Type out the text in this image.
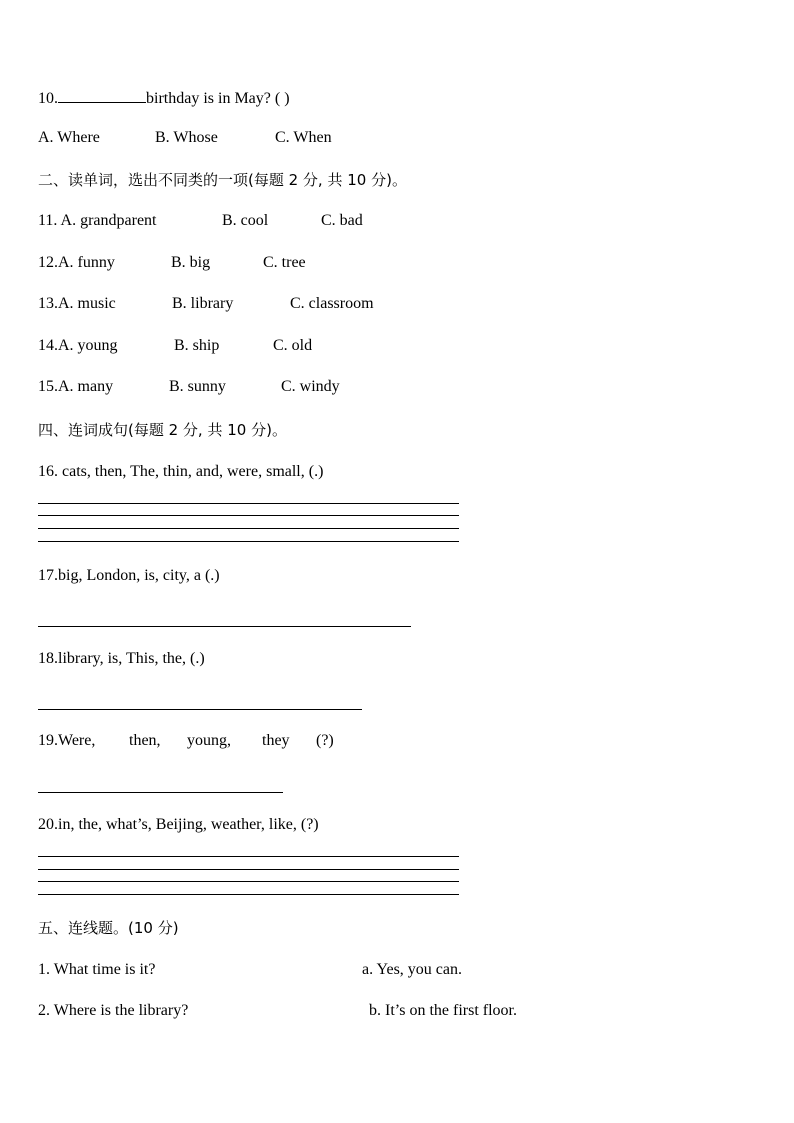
10.	birthday is in May? ( )
A. Where	B. Whose	C. When
二、读单词，选出不同类的一项(每题 2 分, 共 10 分)。
11. A. grandparent	B. cool	C. bad
12.A. funny	B. big	C. tree
13.A. music	B. library	C. classroom
14.A. young	B. ship	C. old
15.A. many	B. sunny	C. windy
四、连词成句(每题 2 分, 共 10 分)。
16. cats, then, The, thin, and, were, small, (.)
17.big, London, is, city, a (.)
18.library, is, This, the, (.)
19.Were, then, young, they (?)
20.in, the, what’s, Beijing, weather, like, (?)
五、连线题。(10 分)
1. What time is it?	a. Yes, you can.
2. Where is the library?	b. It’s on the first floor.
